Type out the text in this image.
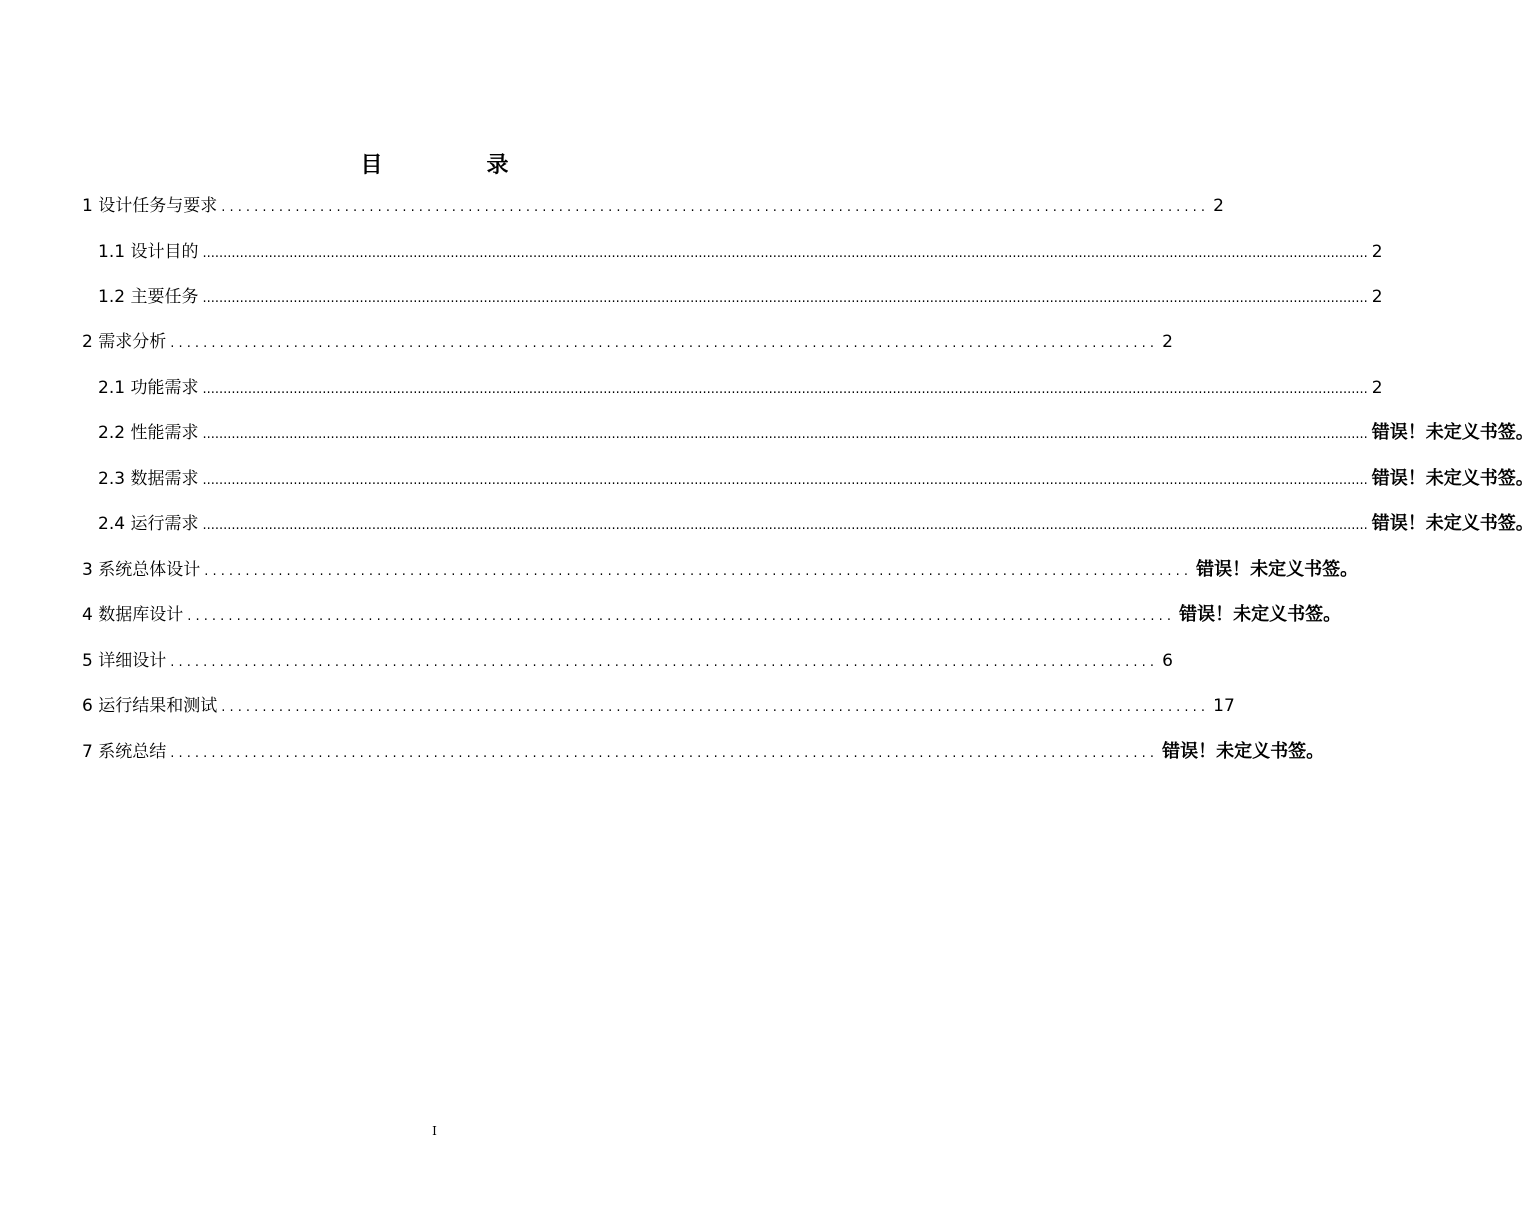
目	录
1 设计任务与要求 ........................................................................................................................ 2
1.1 设计目的 .......................................................................................................................................................................................................................................................................................... 2
1.2 主要任务 .......................................................................................................................................................................................................................................................................................... 2
2 需求分析 ........................................................................................................................ 2
2.1 功能需求 .......................................................................................................................................................................................................................................................................................... 2
2.2 性能需求 .......................................................................................................................................................................................................................................................................................... 错误！未定义书签。
2.3 数据需求 .......................................................................................................................................................................................................................................................................................... 错误！未定义书签。
2.4 运行需求 .......................................................................................................................................................................................................................................................................................... 错误！未定义书签。
3 系统总体设计 ........................................................................................................................ 错误！未定义书签。
4 数据库设计 ........................................................................................................................ 错误！未定义书签。
5 详细设计 ........................................................................................................................ 6
6 运行结果和测试 ........................................................................................................................ 17
7 系统总结 ........................................................................................................................ 错误！未定义书签。
I
